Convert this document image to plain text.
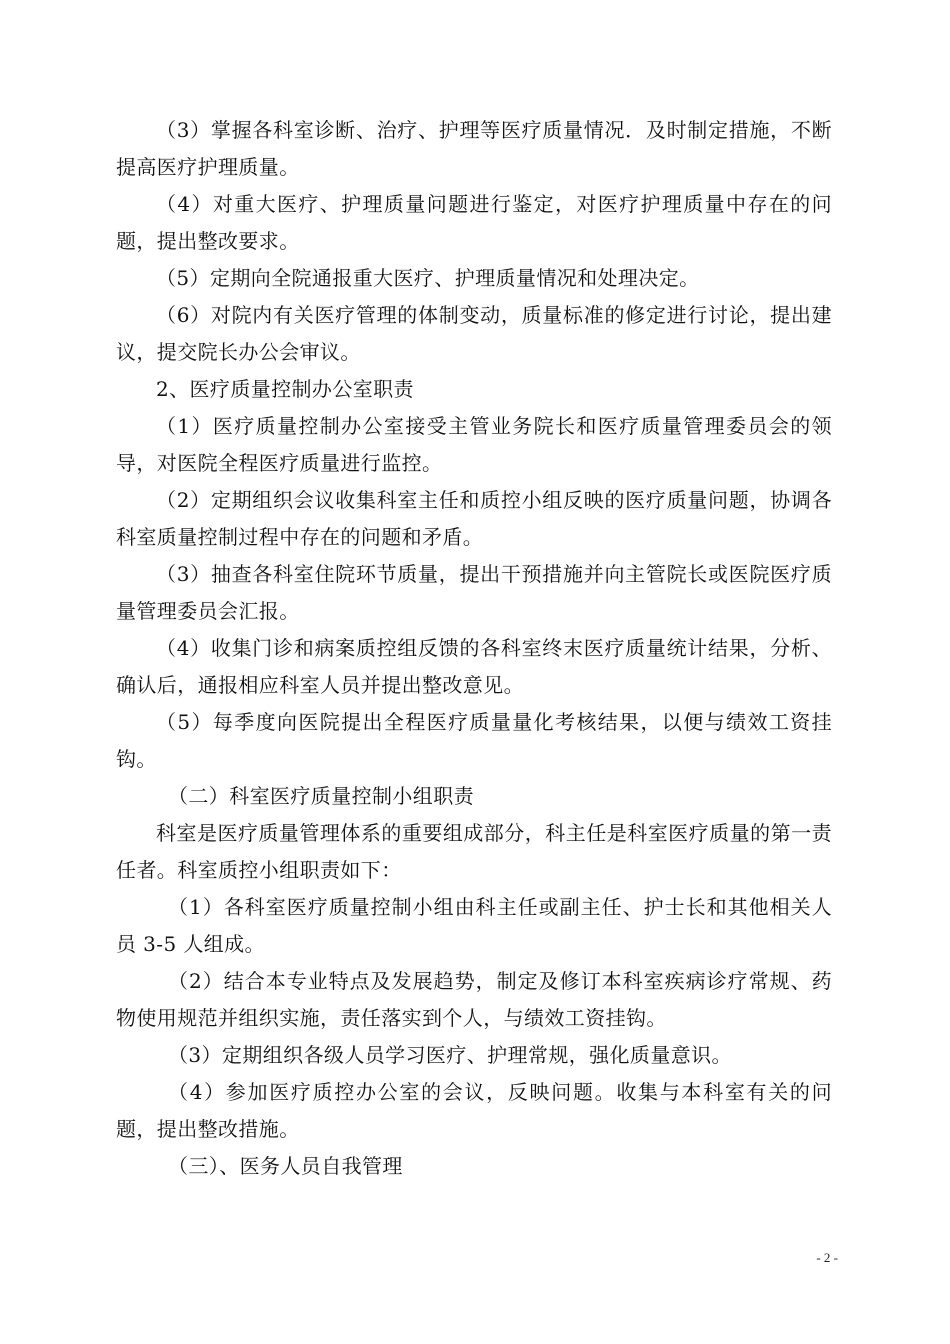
（3）掌握各科室诊断、治疗、护理等医疗质量情况．及时制定措施，不断提高医疗护理质量。

（4）对重大医疗、护理质量问题进行鉴定，对医疗护理质量中存在的问题，提出整改要求。

（5）定期向全院通报重大医疗、护理质量情况和处理决定。

（6）对院内有关医疗管理的体制变动，质量标准的修定进行讨论，提出建议，提交院长办公会审议。

2、医疗质量控制办公室职责

（1）医疗质量控制办公室接受主管业务院长和医疗质量管理委员会的领导，对医院全程医疗质量进行监控。

（2）定期组织会议收集科室主任和质控小组反映的医疗质量问题，协调各科室质量控制过程中存在的问题和矛盾。

（3）抽查各科室住院环节质量，提出干预措施并向主管院长或医院医疗质量管理委员会汇报。

（4）收集门诊和病案质控组反馈的各科室终末医疗质量统计结果，分析、确认后，通报相应科室人员并提出整改意见。

（5）每季度向医院提出全程医疗质量量化考核结果，以便与绩效工资挂钩。

（二）科室医疗质量控制小组职责

科室是医疗质量管理体系的重要组成部分，科主任是科室医疗质量的第一责任者。科室质控小组职责如下：

（1）各科室医疗质量控制小组由科主任或副主任、护士长和其他相关人员 3-5 人组成。

（2）结合本专业特点及发展趋势，制定及修订本科室疾病诊疗常规、药物使用规范并组织实施，责任落实到个人，与绩效工资挂钩。

（3）定期组织各级人员学习医疗、护理常规，强化质量意识。

（4）参加医疗质控办公室的会议，反映问题。收集与本科室有关的问题，提出整改措施。

（三）、医务人员自我管理

- 2 -
